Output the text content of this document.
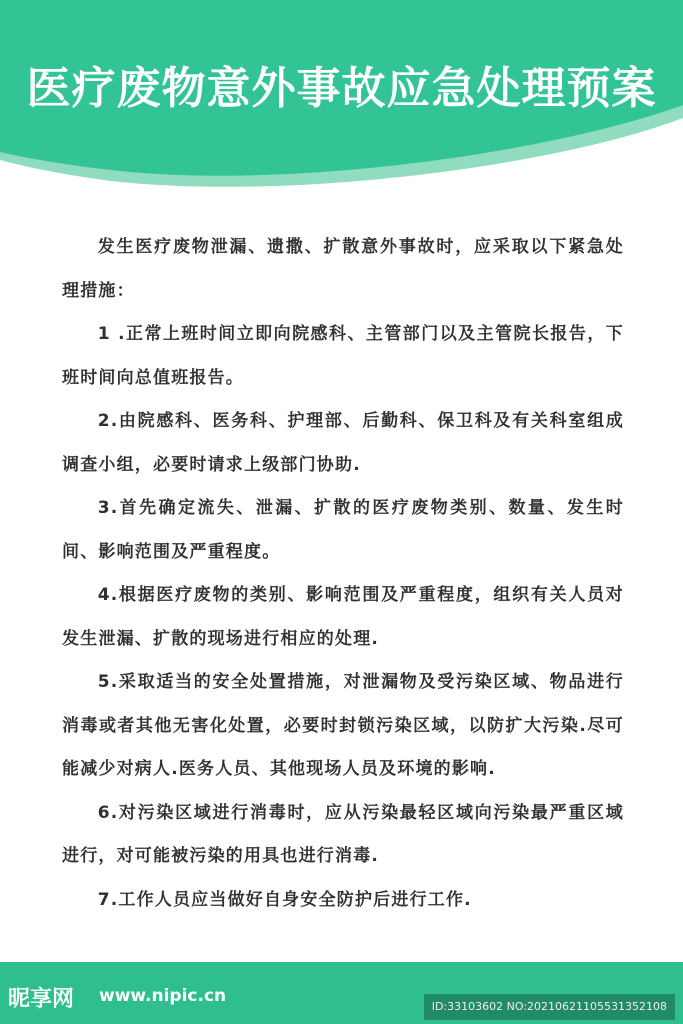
医疗废物意外事故应急处理预案

发生医疗废物泄漏、遗撒、扩散意外事故时，应采取以下紧急处理措施：

1 .正常上班时间立即向院感科、主管部门以及主管院长报告，下班时间向总值班报告。

2.由院感科、医务科、护理部、后勤科、保卫科及有关科室组成调查小组，必要时请求上级部门协助.

3.首先确定流失、泄漏、扩散的医疗废物类别、数量、发生时间、影响范围及严重程度。

4.根据医疗废物的类别、影响范围及严重程度，组织有关人员对发生泄漏、扩散的现场进行相应的处理.

5.采取适当的安全处置措施，对泄漏物及受污染区域、物品进行消毒或者其他无害化处置，必要时封锁污染区域，以防扩大污染.尽可能减少对病人.医务人员、其他现场人员及环境的影响.

6.对污染区域进行消毒时，应从污染最轻区域向污染最严重区域进行，对可能被污染的用具也进行消毒.

7.工作人员应当做好自身安全防护后进行工作.

昵享网 www.nipic.cn
ID:33103602 NO:20210621105531352108
